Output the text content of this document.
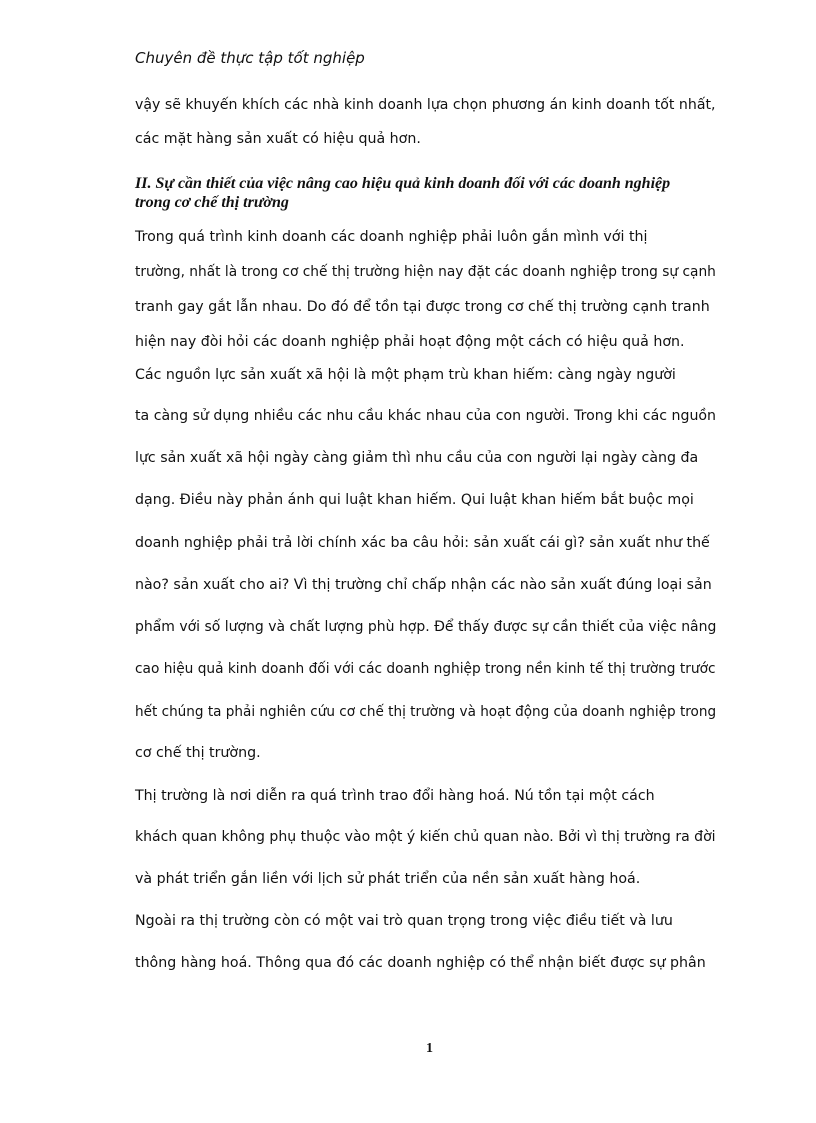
Chuyên đề thực tập tốt nghiệp
vậy sẽ khuyến khích các nhà kinh doanh lựa chọn phương án kinh doanh tốt nhất,
các mặt hàng sản xuất có hiệu quả hơn.
II. Sự cần thiết của việc nâng cao hiệu quả kinh doanh đối với các doanh nghiệp
trong cơ chế thị trường
Trong quá trình kinh doanh các doanh nghiệp phải luôn gắn mình với thị
trường, nhất là trong cơ chế thị trường hiện nay đặt các doanh nghiệp trong sự cạnh
tranh gay gắt lẫn nhau. Do đó để tồn tại được trong cơ chế thị trường cạnh tranh
hiện nay đòi hỏi các doanh nghiệp phải hoạt động một cách có hiệu quả hơn.
Các nguồn lực sản xuất xã hội là một phạm trù khan hiếm: càng ngày người
ta càng sử dụng nhiều các nhu cầu khác nhau của con người. Trong khi các nguồn
lực sản xuất xã hội ngày càng giảm thì nhu cầu của con người lại ngày càng đa
dạng. Điều này phản ánh qui luật khan hiếm. Qui luật khan hiếm bắt buộc mọi
doanh nghiệp phải trả lời chính xác ba câu hỏi: sản xuất cái gì? sản xuất như thế
nào? sản xuất cho ai? Vì thị trường chỉ chấp nhận các nào sản xuất đúng loại sản
phẩm với số lượng và chất lượng phù hợp. Để thấy được sự cần thiết của việc nâng
cao hiệu quả kinh doanh đối với các doanh nghiệp trong nền kinh tế thị trường trước
hết chúng ta phải nghiên cứu cơ chế thị trường và hoạt động của doanh nghiệp trong
cơ chế thị trường.
Thị trường là nơi diễn ra quá trình trao đổi hàng hoá. Nú tồn tại một cách
khách quan không phụ thuộc vào một ý kiến chủ quan nào. Bởi vì thị trường ra đời
và phát triển gắn liền với lịch sử phát triển của nền sản xuất hàng hoá.
Ngoài ra thị trường còn có một vai trò quan trọng trong việc điều tiết và lưu
thông hàng hoá. Thông qua đó các doanh nghiệp có thể nhận biết được sự phân
1
